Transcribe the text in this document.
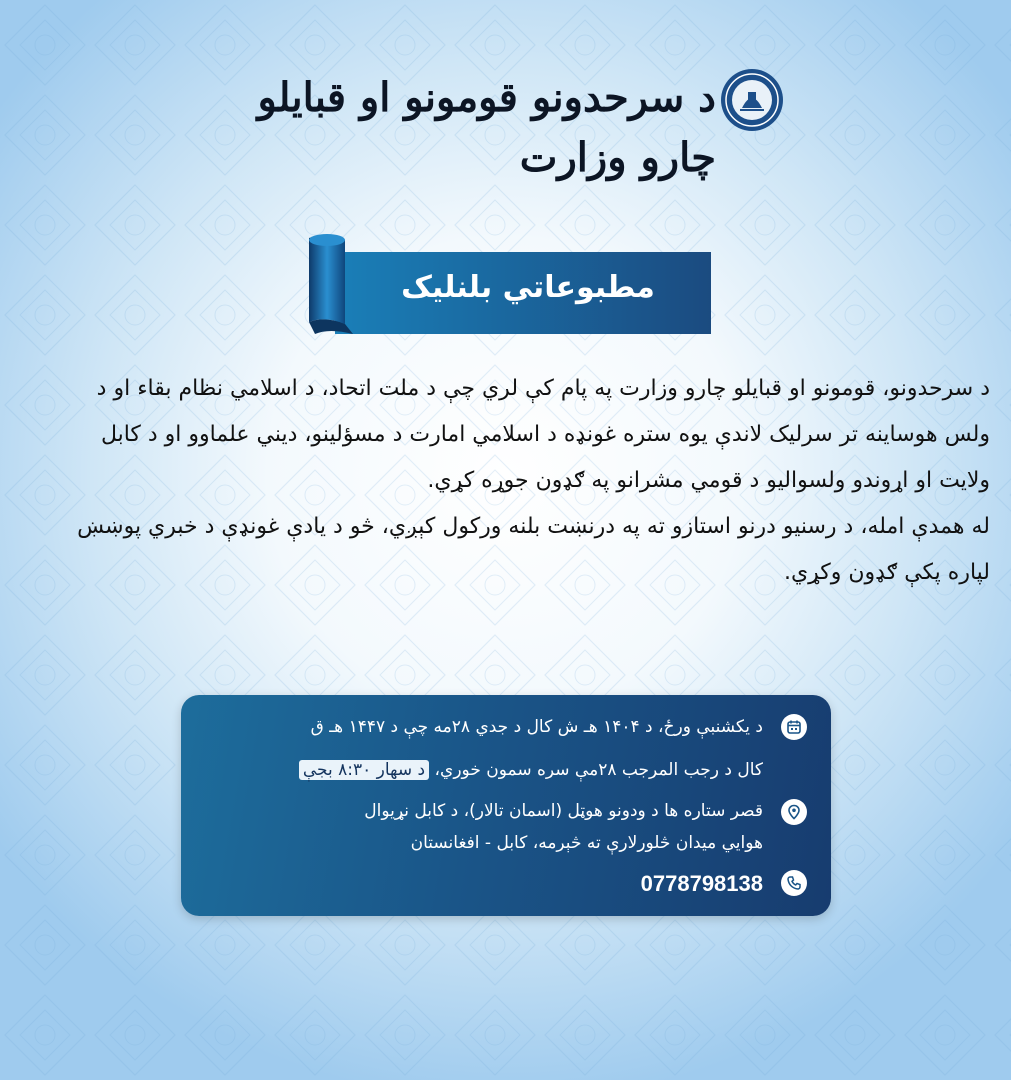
د سرحدونو قومونو او قبایلو چارو وزارت
مطبوعاتي بلنلیک

د سرحدونو، قومونو او قبایلو چارو وزارت په پام کې لري چې د ملت اتحاد، د اسلامي نظام بقاء او د ولس هوساینه تر سرلیک لاندې یوه ستره غونډه د اسلامي امارت د مسؤلینو، دیني علماوو او د کابل ولایت او اړوندو ولسوالیو د قومي مشرانو په ګډون جوړه کړي.

له همدې امله، د رسنیو درنو استازو ته په درنښت بلنه ورکول کېږي، څو د یادې غونډې د خبري پوښښ لپاره پکې ګډون وکړي.

د یکشنبې ورځ، د ۱۴۰۴ هـ ش کال د جدي ۲۸مه چې د ۱۴۴۷ هـ ق
کال د رجب المرجب ۲۸مې سره سمون خوري، د سهار ۸:۳۰ بجې
قصر ستاره ها د ودونو هوټل (اسمان تالار)، د کابل نړیوال
هوایي میدان څلورلارې ته څېرمه، کابل - افغانستان
0778798138
